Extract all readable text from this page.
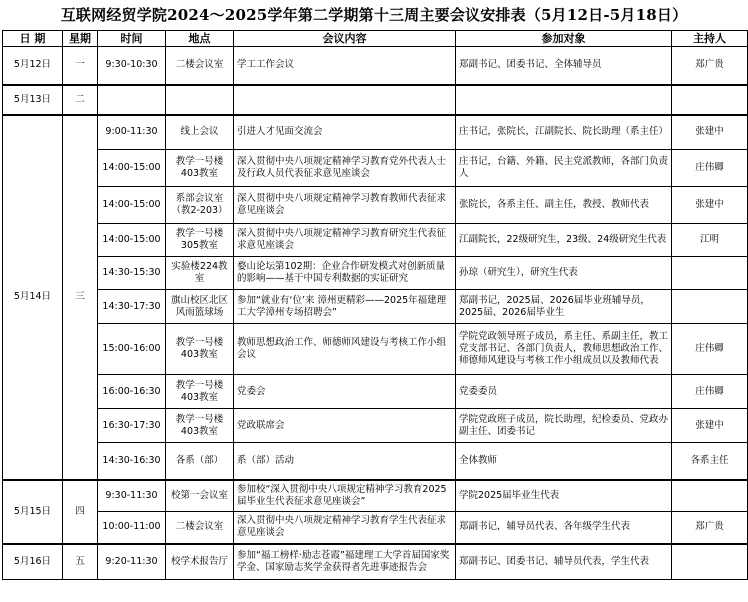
互联网经贸学院2024～2025学年第二学期第十三周主要会议安排表（5月12日-5月18日）
日 期	星期	时间	地点	会议内容	参加对象	主持人
5月12日	一	9:30-10:30	二楼会议室	学工工作会议	郑副书记、团委书记、全体辅导员	郑广贵
5月13日	二					
5月14日	三	9:00-11:30	线上会议	引进人才见面交流会	庄书记，张院长，江副院长、院长助理（系主任）	张建中
		14:00-15:00	教学一号楼403教室	深入贯彻中央八项规定精神学习教育党外代表人士及行政人员代表征求意见座谈会	庄书记，台籍、外籍、民主党派教师，各部门负责人	庄伟卿
		14:00-15:00	系部会议室（教2-203）	深入贯彻中央八项规定精神学习教育教师代表征求意见座谈会	张院长，各系主任、副主任，教授、教师代表	张建中
		14:00-15:00	教学一号楼305教室	深入贯彻中央八项规定精神学习教育研究生代表征求意见座谈会	江副院长，22级研究生，23级、24级研究生代表	江明
		14:30-15:30	实验楼224教室	婺山论坛第102期：企业合作研发模式对创新质量的影响——基于中国专利数据的实证研究	孙琼（研究生），研究生代表	
		14:30-17:30	旗山校区北区风雨篮球场	参加“就业有‘位’来 漳州更精彩——2025年福建理工大学漳州专场招聘会”	郑副书记，2025届、2026届毕业班辅导员，2025届、2026届毕业生	
		15:00-16:00	教学一号楼403教室	教师思想政治工作、师德师风建设与考核工作小组会议	学院党政领导班子成员，系主任、系副主任，教工党支部书记、各部门负责人，教师思想政治工作、师德师风建设与考核工作小组成员以及教师代表	庄伟卿
		16:00-16:30	教学一号楼403教室	党委会	党委委员	庄伟卿
		16:30-17:30	教学一号楼403教室	党政联席会	学院党政班子成员，院长助理，纪检委员、党政办副主任、团委书记	张建中
		14:30-16:30	各系（部）	系（部）活动	全体教师	各系主任
5月15日	四	9:30-11:30	校第一会议室	参加校“深入贯彻中央八项规定精神学习教育2025届毕业生代表征求意见座谈会”	学院2025届毕业生代表	
		10:00-11:00	二楼会议室	深入贯彻中央八项规定精神学习教育学生代表征求意见座谈会	郑副书记，辅导员代表、各年级学生代表	郑广贵
5月16日	五	9:20-11:30	校学术报告厅	参加“福工榜样·励志苍霞”福建理工大学首届国家奖学金、国家励志奖学金获得者先进事迹报告会	郑副书记、团委书记、辅导员代表，学生代表	
